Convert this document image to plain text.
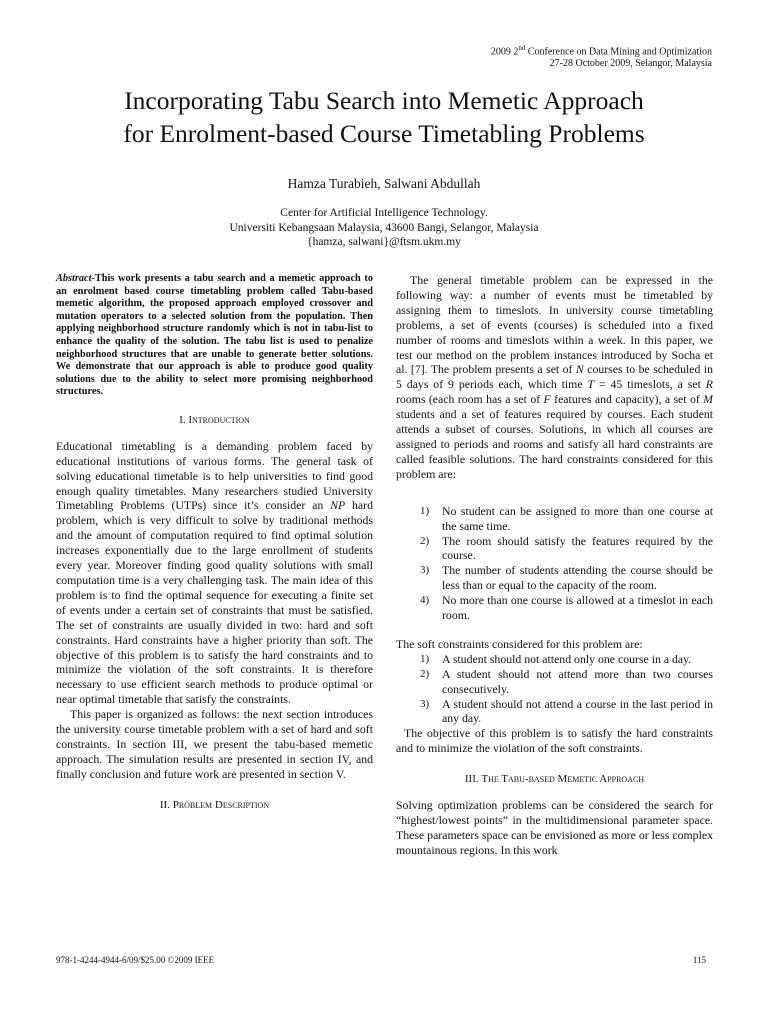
2009 2nd Conference on Data Mining and Optimization
27-28 October 2009, Selangor, Malaysia
Incorporating Tabu Search into Memetic Approach
for Enrolment-based Course Timetabling Problems
Hamza Turabieh, Salwani Abdullah
Center for Artificial Intelligence Technology.
Universiti Kebangsaan Malaysia, 43600 Bangi, Selangor, Malaysia
{hamza, salwani}@ftsm.ukm.my

Abstract-This work presents a tabu search and a memetic approach to an enrolment based course timetabling problem called Tabu-based memetic algorithm, the proposed approach employed crossover and mutation operators to a selected solution from the population. Then applying neighborhood structure randomly which is not in tabu-list to enhance the quality of the solution. The tabu list is used to penalize neighborhood structures that are unable to generate better solutions. We demonstrate that our approach is able to produce good quality solutions due to the ability to select more promising neighborhood structures.

I. Introduction

Educational timetabling is a demanding problem faced by educational institutions of various forms. The general task of solving educational timetable is to help universities to find good enough quality timetables. Many researchers studied University Timetabling Problems (UTPs) since it’s consider an NP hard problem, which is very difficult to solve by traditional methods and the amount of computation required to find optimal solution increases exponentially due to the large enrollment of students every year. Moreover finding good quality solutions with small computation time is a very challenging task. The main idea of this problem is to find the optimal sequence for executing a finite set of events under a certain set of constraints that must be satisfied. The set of constraints are usually divided in two: hard and soft constraints. Hard constraints have a higher priority than soft. The objective of this problem is to satisfy the hard constraints and to minimize the violation of the soft constraints. It is therefore necessary to use efficient search methods to produce optimal or near optimal timetable that satisfy the constraints.

This paper is organized as follows: the next section introduces the university course timetable problem with a set of hard and soft constraints. In section III, we present the tabu-based memetic approach. The simulation results are presented in section IV, and finally conclusion and future work are presented in section V.

II. Problem Description

The general timetable problem can be expressed in the following way: a number of events must be timetabled by assigning them to timeslots. In university course timetabling problems, a set of events (courses) is scheduled into a fixed number of rooms and timeslots within a week. In this paper, we test our method on the problem instances introduced by Socha et al. [7]. The problem presents a set of N courses to be scheduled in 5 days of 9 periods each, which time T = 45 timeslots, a set R rooms (each room has a set of F features and capacity), a set of M students and a set of features required by courses. Each student attends a subset of courses. Solutions, in which all courses are assigned to periods and rooms and satisfy all hard constraints are called feasible solutions. The hard constraints considered for this problem are:

1) No student can be assigned to more than one course at the same time.
2) The room should satisfy the features required by the course.
3) The number of students attending the course should be less than or equal to the capacity of the room.
4) No more than one course is allowed at a timeslot in each room.

The soft constraints considered for this problem are:

1) A student should not attend only one course in a day.
2) A student should not attend more than two courses consecutively.
3) A student should not attend a course in the last period in any day.

The objective of this problem is to satisfy the hard constraints and to minimize the violation of the soft constraints.

III. The Tabu-based Memetic Approach

Solving optimization problems can be considered the search for “highest/lowest points” in the multidimensional parameter space. These parameters space can be envisioned as more or less complex mountainous regions. In this work

978-1-4244-4944-6/09/$25.00 ©2009 IEEE	115
